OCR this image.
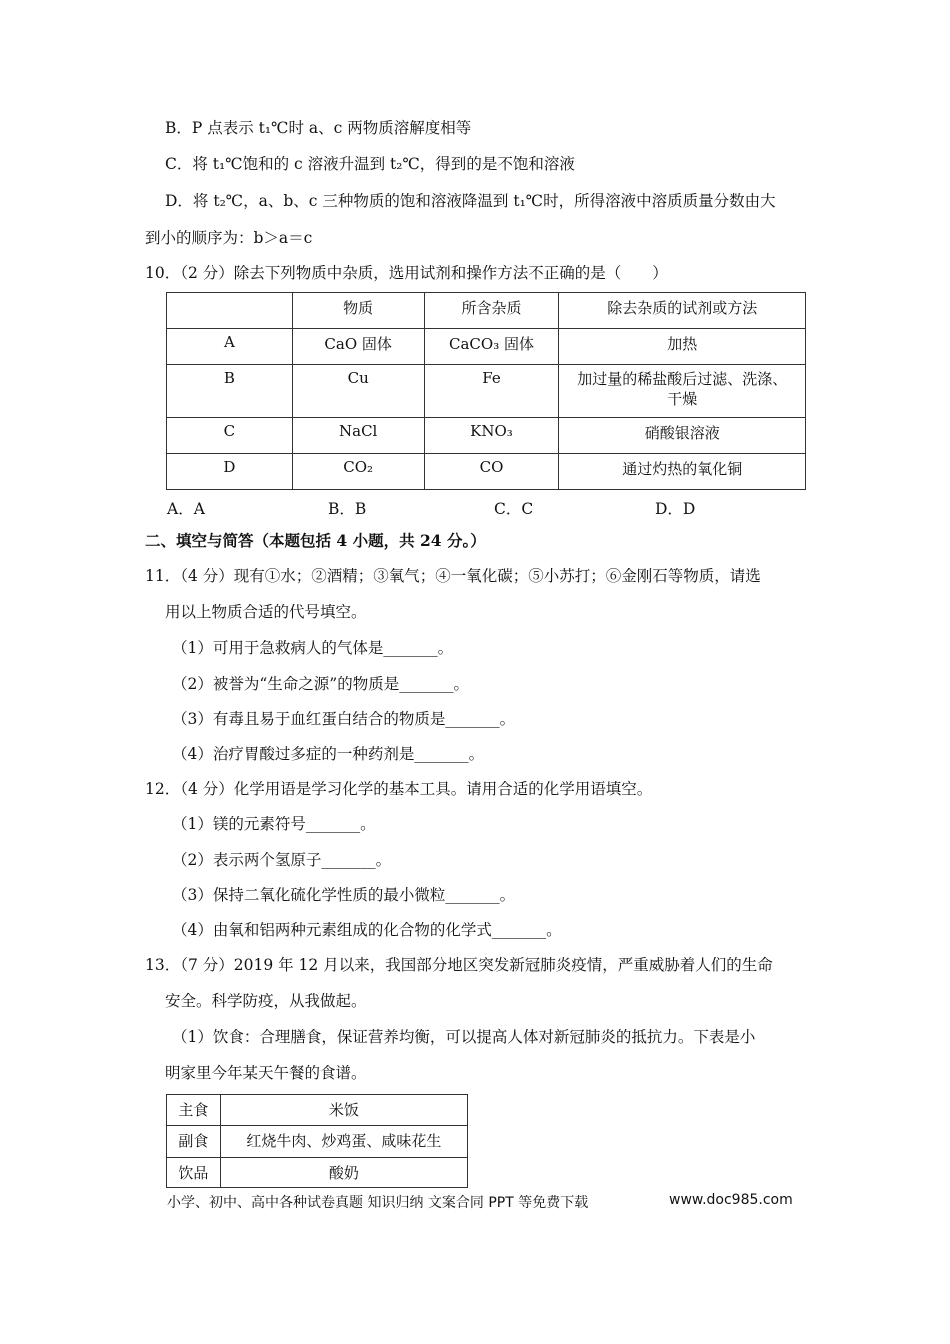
B．P 点表示 t₁℃时 a、c 两物质溶解度相等
C．将 t₁℃饱和的 c 溶液升温到 t₂℃，得到的是不饱和溶液
D．将 t₂℃，a、b、c 三种物质的饱和溶液降温到 t₁℃时，所得溶液中溶质质量分数由大
到小的顺序为：b＞a＝c
10．（2 分）除去下列物质中杂质，选用试剂和操作方法不正确的是（　　）
	物质	所含杂质	除去杂质的试剂或方法
A	CaO 固体	CaCO₃ 固体	加热
B	Cu	Fe	加过量的稀盐酸后过滤、洗涤、干燥
C	NaCl	KNO₃	硝酸银溶液
D	CO₂	CO	通过灼热的氧化铜
A．A	B．B	C．C	D．D
二、填空与简答（本题包括 4 小题，共 24 分。）
11．（4 分）现有①水；②酒精；③氧气；④一氧化碳；⑤小苏打；⑥金刚石等物质，请选
用以上物质合适的代号填空。
（1）可用于急救病人的气体是_______。
（2）被誉为“生命之源”的物质是_______。
（3）有毒且易于血红蛋白结合的物质是_______。
（4）治疗胃酸过多症的一种药剂是_______。
12．（4 分）化学用语是学习化学的基本工具。请用合适的化学用语填空。
（1）镁的元素符号_______。
（2）表示两个氢原子_______。
（3）保持二氧化硫化学性质的最小微粒_______。
（4）由氧和铝两种元素组成的化合物的化学式_______。
13．（7 分）2019 年 12 月以来，我国部分地区突发新冠肺炎疫情，严重威胁着人们的生命
安全。科学防疫，从我做起。
（1）饮食：合理膳食，保证营养均衡，可以提高人体对新冠肺炎的抵抗力。下表是小
明家里今年某天午餐的食谱。
主食	米饭
副食	红烧牛肉、炒鸡蛋、咸味花生
饮品	酸奶
小学、初中、高中各种试卷真题 知识归纳 文案合同 PPT 等免费下载	www.doc985.com
